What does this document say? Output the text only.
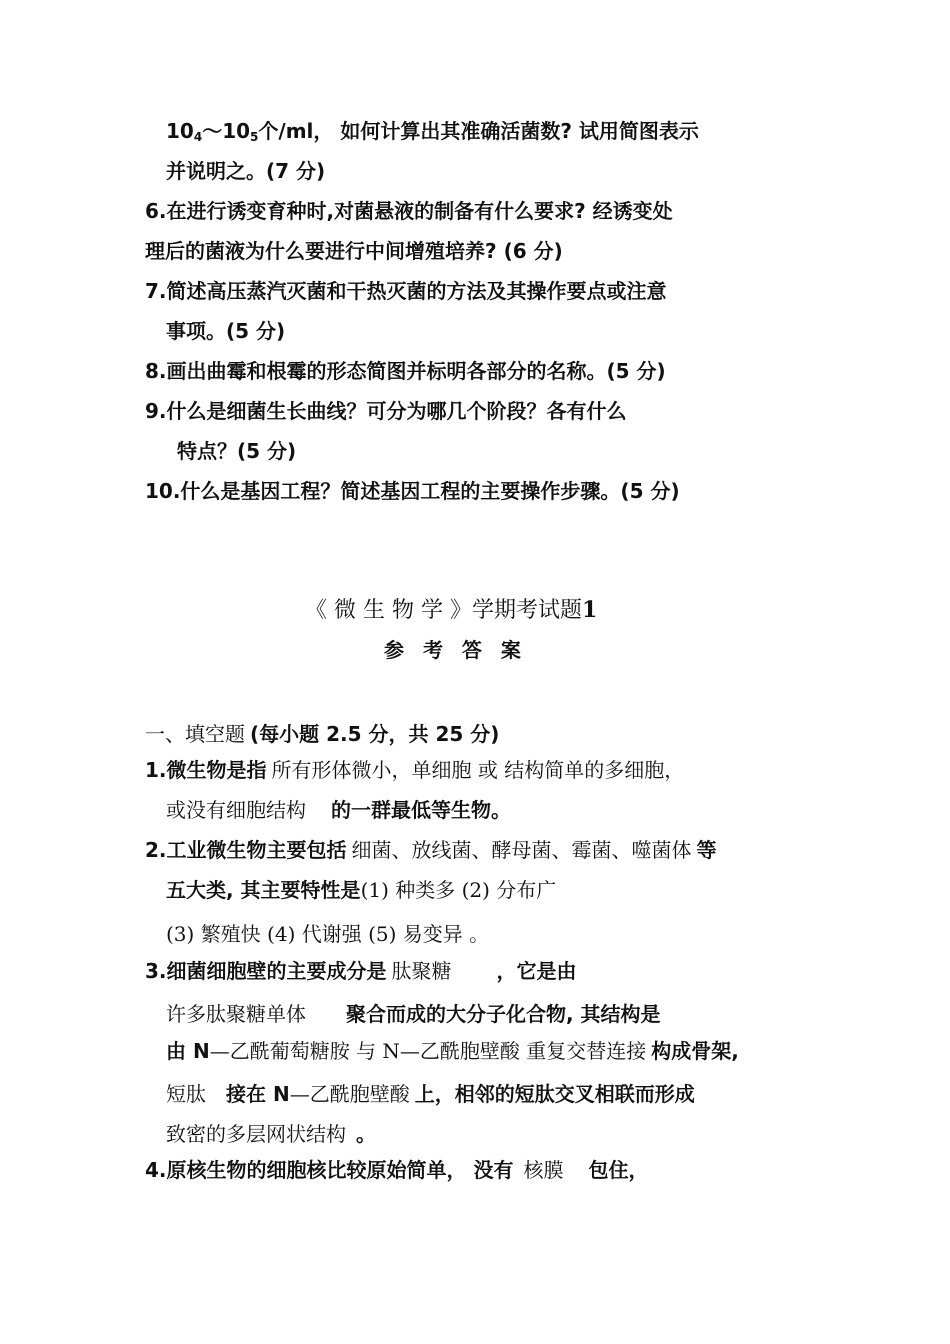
$10_4\sim 10_5$个/ml， 如何计算出其准确活菌数? 试用简图表示
并说明之。(7 分)
6.在进行诱变育种时,对菌悬液的制备有什么要求? 经诱变处
理后的菌液为什么要进行中间增殖培养? (6 分)
7.简述高压蒸汽灭菌和干热灭菌的方法及其操作要点或注意
事项。(5 分)
8.画出曲霉和根霉的形态简图并标明各部分的名称。(5 分)
9.什么是细菌生长曲线？可分为哪几个阶段？各有什么
特点？(5 分)
10.什么是基因工程？简述基因工程的主要操作步骤。(5 分)
《 微 生 物 学 》学期考试题1
参 考 答 案
一、填空题 (每小题 2.5 分，共 25 分)
1.微生物是指 所有形体微小，单细胞 或 结构简单的多细胞，
或没有细胞结构 的一群最低等生物。
2.工业微生物主要包括 细菌、放线菌、酵母菌、霉菌、噬菌体 等
五大类, 其主要特性是(1) 种类多 (2) 分布广
(3) 繁殖快 (4) 代谢强 (5) 易变异 。
3.细菌细胞壁的主要成分是 肽聚糖 ，它是由
许多肽聚糖单体 聚合而成的大分子化合物, 其结构是
由 N—乙酰葡萄糖胺 与 N—乙酰胞壁酸 重复交替连接 构成骨架,
短肽 接在 N—乙酰胞壁酸 上，相邻的短肽交叉相联而形成
致密的多层网状结构 。
4.原核生物的细胞核比较原始简单， 没有 核膜 包住，
